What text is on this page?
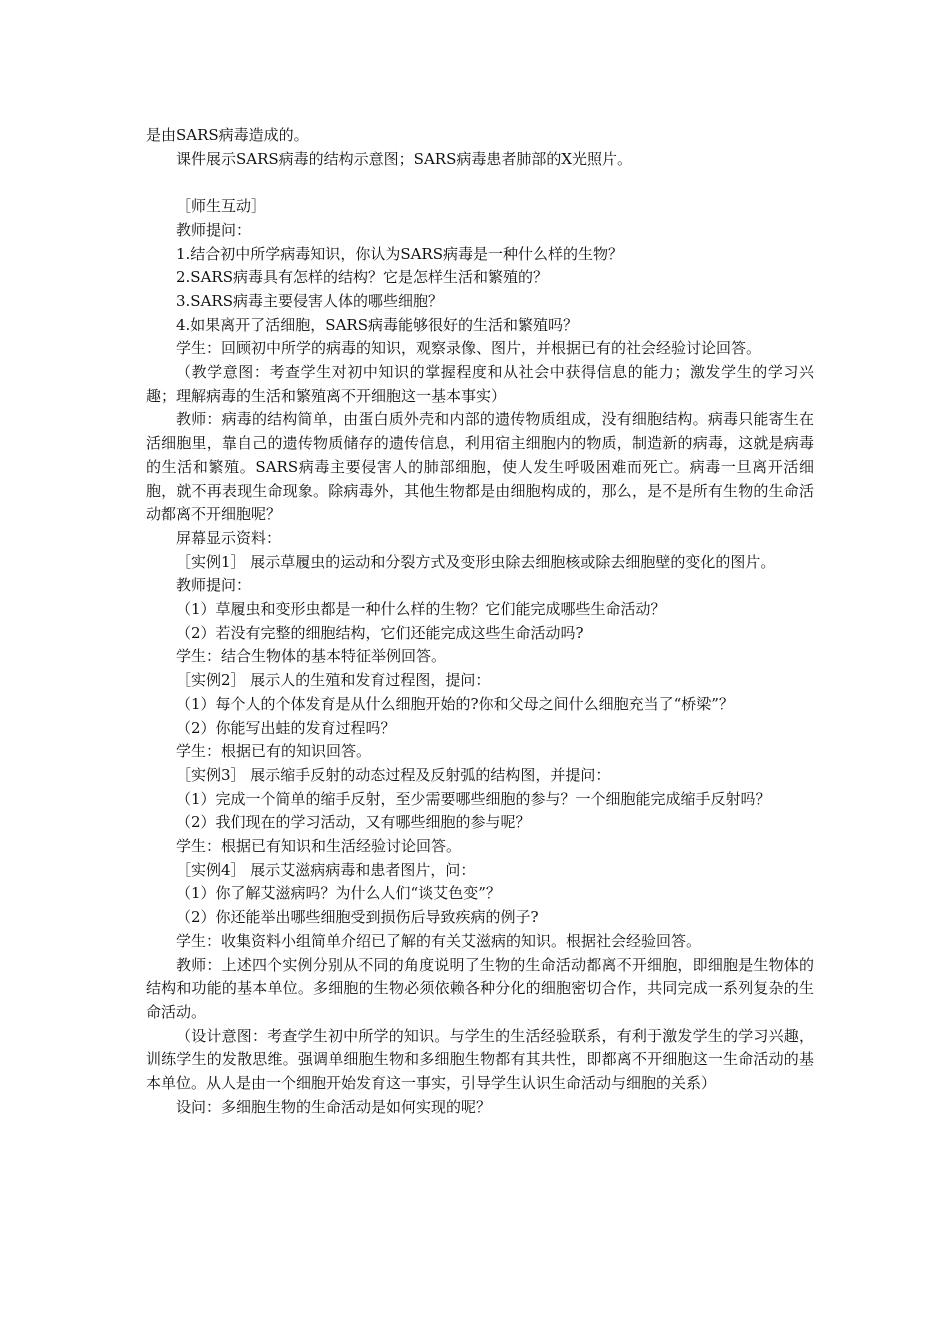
是由SARS病毒造成的。

课件展示SARS病毒的结构示意图；SARS病毒患者肺部的X光照片。

［师生互动］

教师提问：

1.结合初中所学病毒知识，你认为SARS病毒是一种什么样的生物？

2.SARS病毒具有怎样的结构？它是怎样生活和繁殖的？

3.SARS病毒主要侵害人体的哪些细胞？

4.如果离开了活细胞，SARS病毒能够很好的生活和繁殖吗？

学生：回顾初中所学的病毒的知识，观察录像、图片，并根据已有的社会经验讨论回答。

（教学意图：考查学生对初中知识的掌握程度和从社会中获得信息的能力；激发学生的学习兴趣；理解病毒的生活和繁殖离不开细胞这一基本事实）

教师：病毒的结构简单，由蛋白质外壳和内部的遗传物质组成，没有细胞结构。病毒只能寄生在活细胞里，靠自己的遗传物质储存的遗传信息，利用宿主细胞内的物质，制造新的病毒，这就是病毒的生活和繁殖。SARS病毒主要侵害人的肺部细胞，使人发生呼吸困难而死亡。病毒一旦离开活细胞，就不再表现生命现象。除病毒外，其他生物都是由细胞构成的，那么，是不是所有生物的生命活动都离不开细胞呢？

屏幕显示资料：

［实例1］ 展示草履虫的运动和分裂方式及变形虫除去细胞核或除去细胞壁的变化的图片。

教师提问：

（1）草履虫和变形虫都是一种什么样的生物？它们能完成哪些生命活动？

（2）若没有完整的细胞结构，它们还能完成这些生命活动吗?

学生：结合生物体的基本特征举例回答。

［实例2］ 展示人的生殖和发育过程图，提问：

（1）每个人的个体发育是从什么细胞开始的?你和父母之间什么细胞充当了“桥梁”？

（2）你能写出蛙的发育过程吗？

学生：根据已有的知识回答。

［实例3］ 展示缩手反射的动态过程及反射弧的结构图，并提问：

（1）完成一个简单的缩手反射，至少需要哪些细胞的参与？一个细胞能完成缩手反射吗？

（2）我们现在的学习活动，又有哪些细胞的参与呢？

学生：根据已有知识和生活经验讨论回答。

［实例4］ 展示艾滋病病毒和患者图片，问：

（1）你了解艾滋病吗？为什么人们“谈艾色变”？

（2）你还能举出哪些细胞受到损伤后导致疾病的例子?

学生：收集资料小组简单介绍已了解的有关艾滋病的知识。根据社会经验回答。

教师：上述四个实例分别从不同的角度说明了生物的生命活动都离不开细胞，即细胞是生物体的结构和功能的基本单位。多细胞的生物必须依赖各种分化的细胞密切合作，共同完成一系列复杂的生命活动。

（设计意图：考查学生初中所学的知识。与学生的生活经验联系，有利于激发学生的学习兴趣，训练学生的发散思维。强调单细胞生物和多细胞生物都有其共性，即都离不开细胞这一生命活动的基本单位。从人是由一个细胞开始发育这一事实，引导学生认识生命活动与细胞的关系）

设问：多细胞生物的生命活动是如何实现的呢？
